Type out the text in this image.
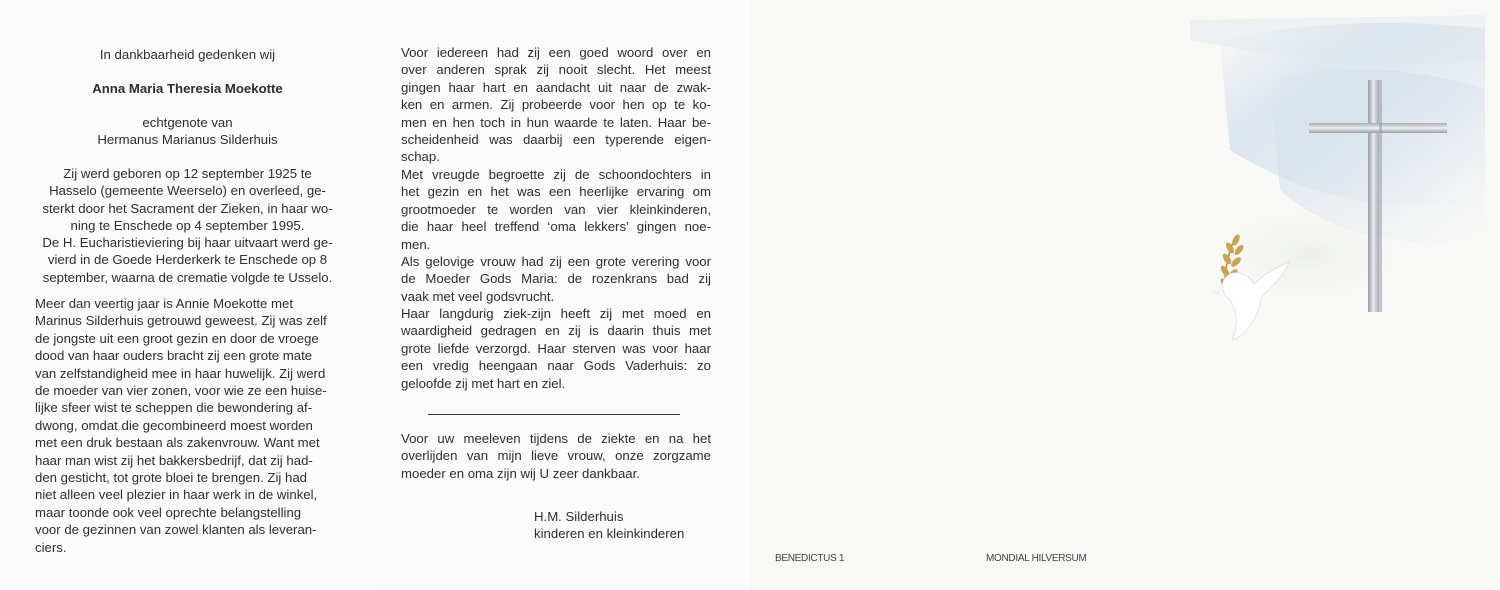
In dankbaarheid gedenken wij
Anna Maria Theresia Moekotte
echtgenote van
Hermanus Marianus Silderhuis
Zij werd geboren op 12 september 1925 te
Hasselo (gemeente Weerselo) en overleed, ge-
sterkt door het Sacrament der Zieken, in haar wo-
ning te Enschede op 4 september 1995.
De H. Eucharistieviering bij haar uitvaart werd ge-
vierd in de Goede Herderkerk te Enschede op 8
september, waarna de crematie volgde te Usselo.
Meer dan veertig jaar is Annie Moekotte met
Marinus Silderhuis getrouwd geweest. Zij was zelf
de jongste uit een groot gezin en door de vroege
dood van haar ouders bracht zij een grote mate
van zelfstandigheid mee in haar huwelijk. Zij werd
de moeder van vier zonen, voor wie ze een huise-
lijke sfeer wist te scheppen die bewondering af-
dwong, omdat die gecombineerd moest worden
met een druk bestaan als zakenvrouw. Want met
haar man wist zij het bakkersbedrijf, dat zij had-
den gesticht, tot grote bloei te brengen. Zij had
niet alleen veel plezier in haar werk in de winkel,
maar toonde ook veel oprechte belangstelling
voor de gezinnen van zowel klanten als leveran-
ciers.
Voor iedereen had zij een goed woord over en
over anderen sprak zij nooit slecht. Het meest
gingen haar hart en aandacht uit naar de zwak-
ken en armen. Zij probeerde voor hen op te ko-
men en hen toch in hun waarde te laten. Haar be-
scheidenheid was daarbij een typerende eigen-
schap.
Met vreugde begroette zij de schoondochters in
het gezin en het was een heerlijke ervaring om
grootmoeder te worden van vier kleinkinderen,
die haar heel treffend ‘oma lekkers’ gingen noe-
men.
Als gelovige vrouw had zij een grote verering voor
de Moeder Gods Maria: de rozenkrans bad zij
vaak met veel godsvrucht.
Haar langdurig ziek-zijn heeft zij met moed en
waardigheid gedragen en zij is daarin thuis met
grote liefde verzorgd. Haar sterven was voor haar
een vredig heengaan naar Gods Vaderhuis: zo
geloofde zij met hart en ziel.
Voor uw meeleven tijdens de ziekte en na het
overlijden van mijn lieve vrouw, onze zorgzame
moeder en oma zijn wij U zeer dankbaar.
H.M. Silderhuis
kinderen en kleinkinderen
BENEDICTUS 1	MONDIAL HILVERSUM
